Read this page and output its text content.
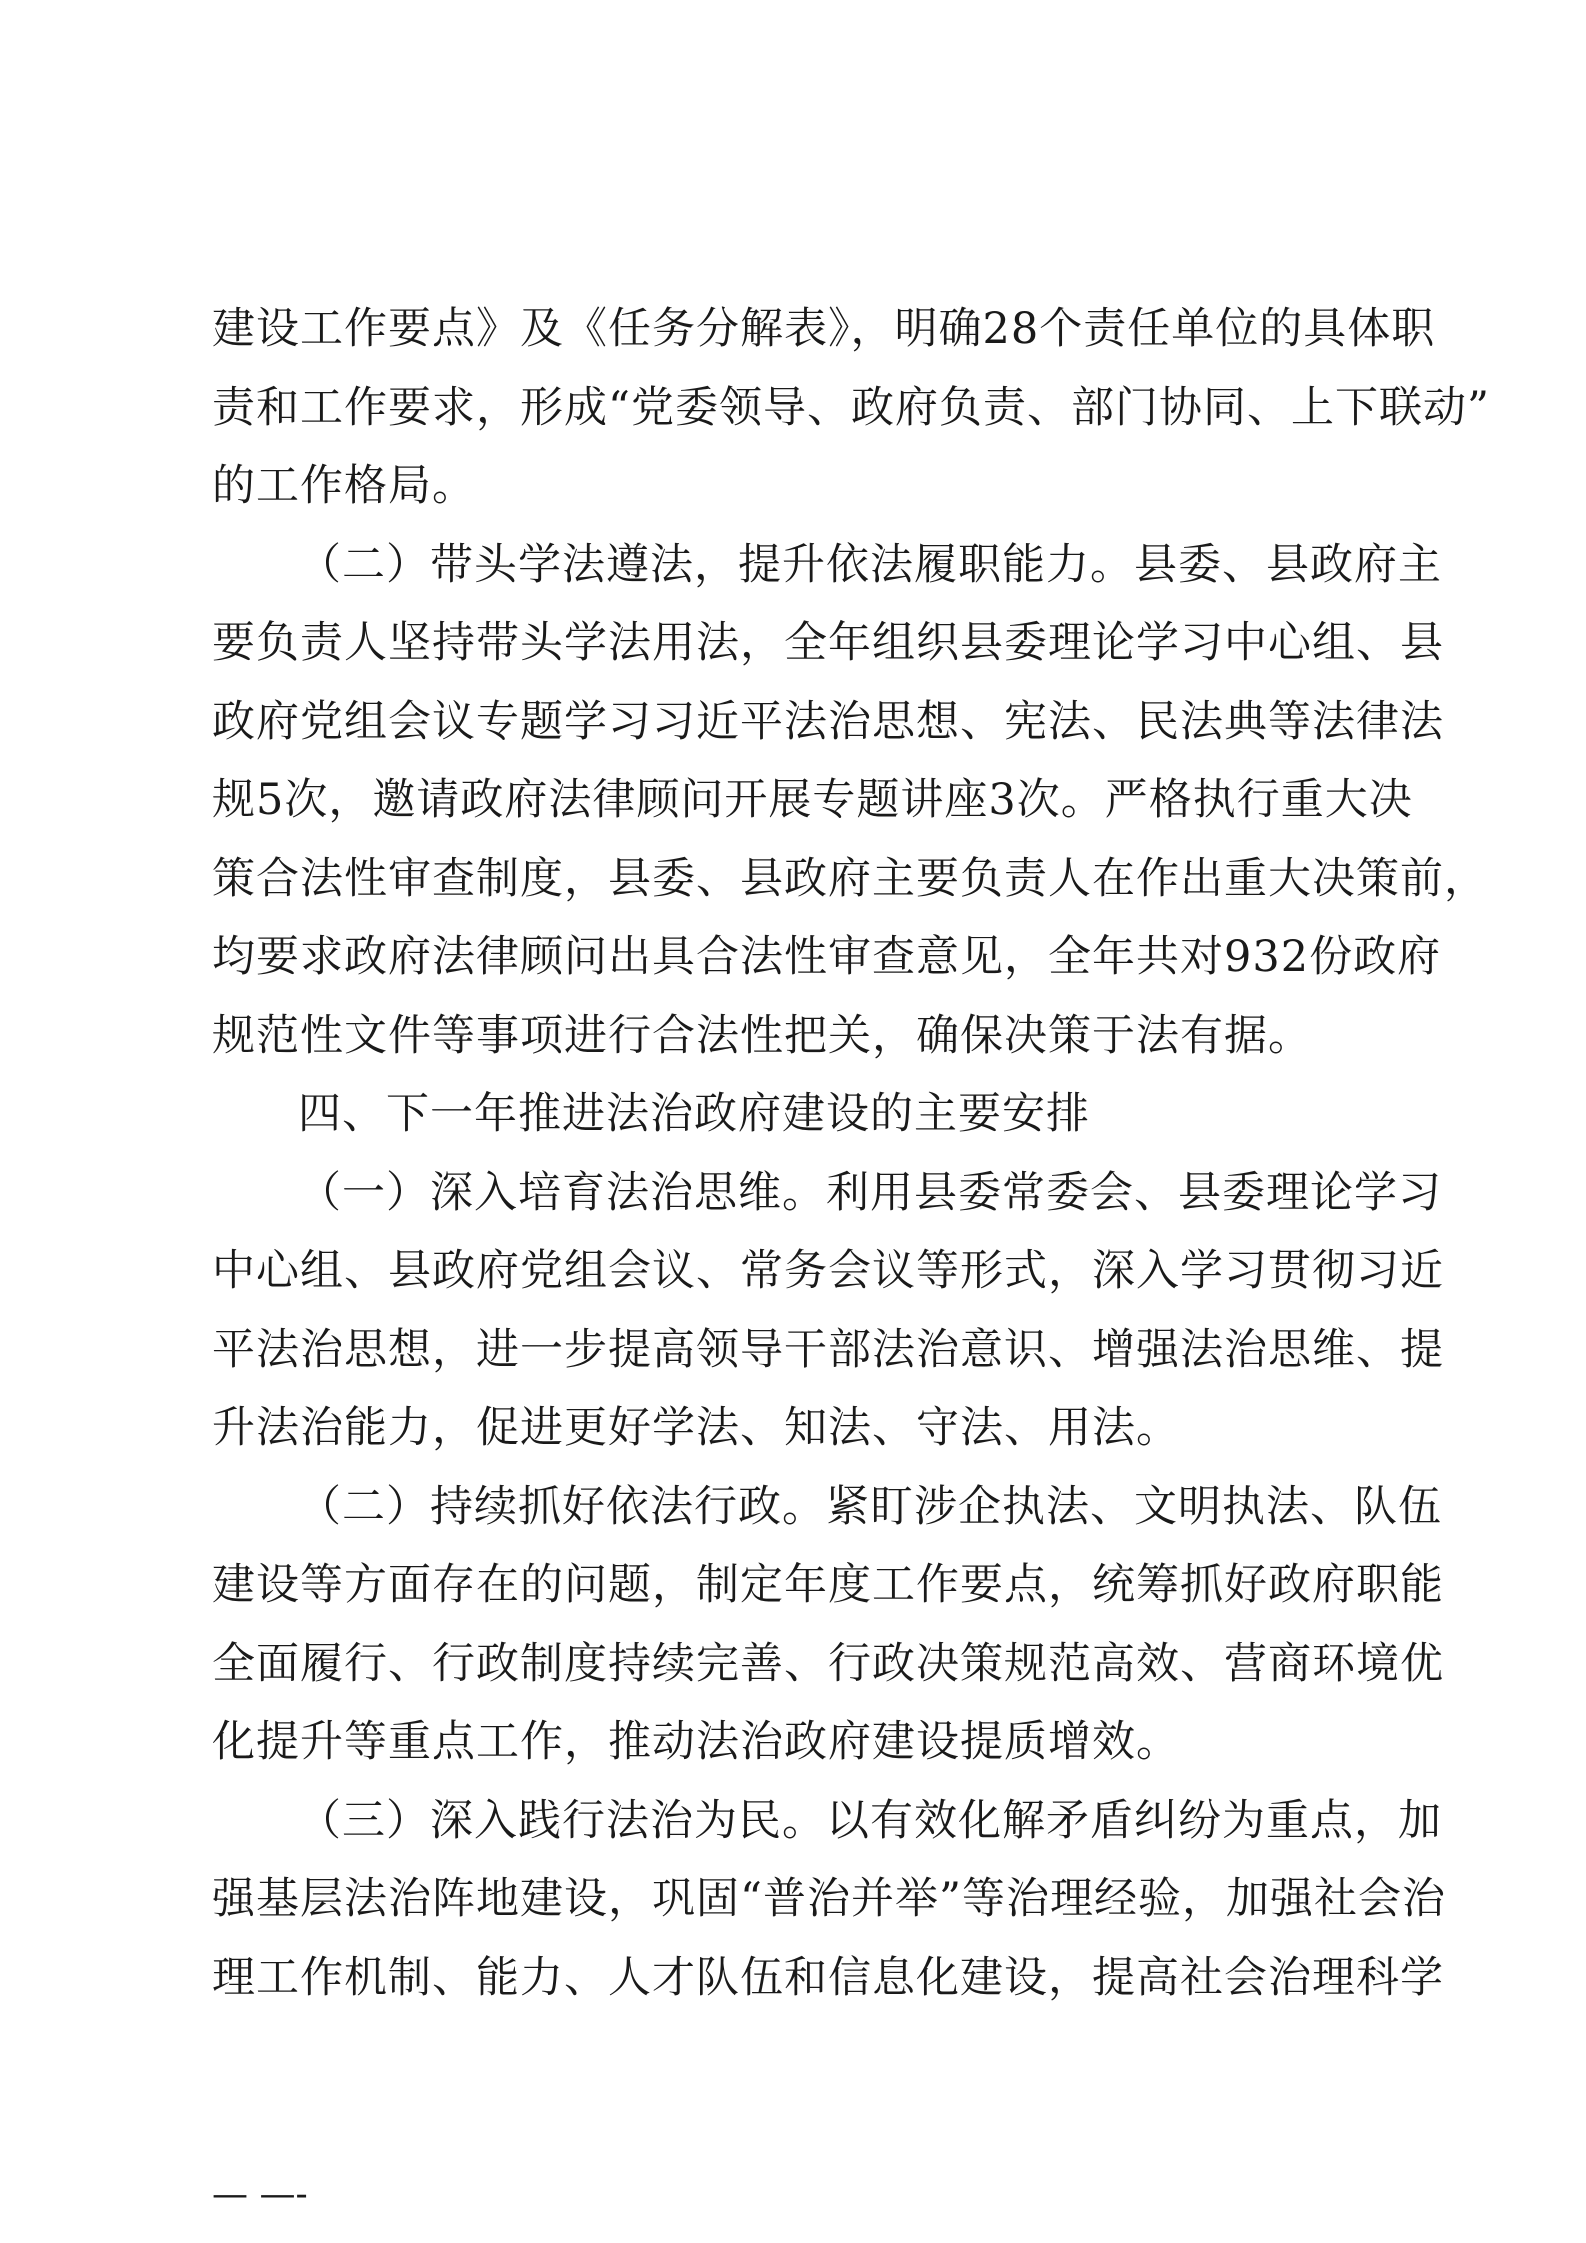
建设工作要点》及《任务分解表》，明确28个责任单位的具体职
责和工作要求，形成“党委领导、政府负责、部门协同、上下联动”
的工作格局。
（二）带头学法遵法，提升依法履职能力。县委、县政府主
要负责人坚持带头学法用法，全年组织县委理论学习中心组、县
政府党组会议专题学习习近平法治思想、宪法、民法典等法律法
规5次，邀请政府法律顾问开展专题讲座3次。严格执行重大决
策合法性审查制度，县委、县政府主要负责人在作出重大决策前，
均要求政府法律顾问出具合法性审查意见，全年共对932份政府
规范性文件等事项进行合法性把关，确保决策于法有据。
四、下一年推进法治政府建设的主要安排
（一）深入培育法治思维。利用县委常委会、县委理论学习
中心组、县政府党组会议、常务会议等形式，深入学习贯彻习近
平法治思想，进一步提高领导干部法治意识、增强法治思维、提
升法治能力，促进更好学法、知法、守法、用法。
（二）持续抓好依法行政。紧盯涉企执法、文明执法、队伍
建设等方面存在的问题，制定年度工作要点，统筹抓好政府职能
全面履行、行政制度持续完善、行政决策规范高效、营商环境优
化提升等重点工作，推动法治政府建设提质增效。
（三）深入践行法治为民。以有效化解矛盾纠纷为重点，加
强基层法治阵地建设，巩固“普治并举”等治理经验，加强社会治
理工作机制、能力、人才队伍和信息化建设，提高社会治理科学
— —-
